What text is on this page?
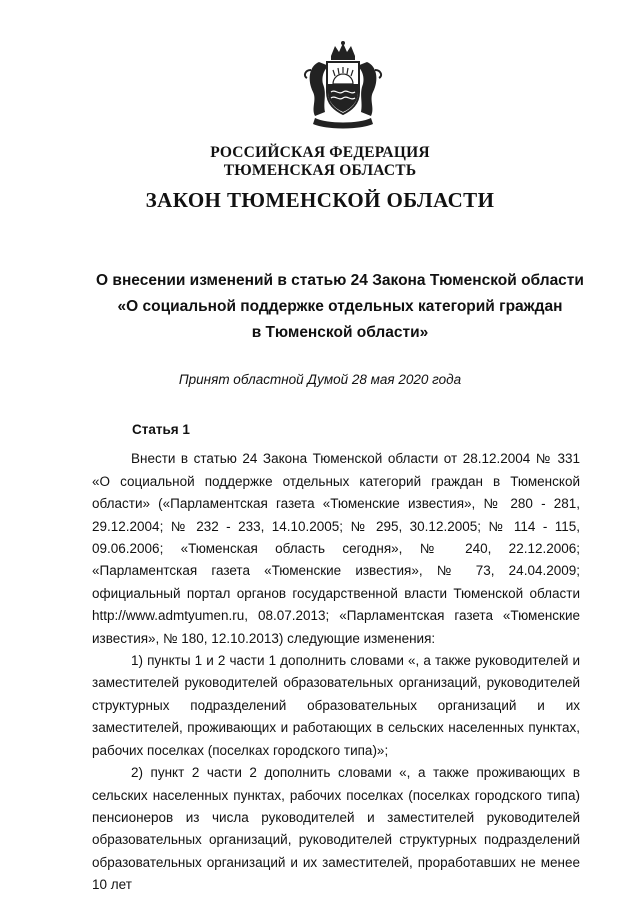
РОССИЙСКАЯ ФЕДЕРАЦИЯ
ТЮМЕНСКАЯ ОБЛАСТЬ
ЗАКОН ТЮМЕНСКОЙ ОБЛАСТИ
О внесении изменений в статью 24 Закона Тюменской области
«О социальной поддержке отдельных категорий граждан
в Тюменской области»
Принят областной Думой 28 мая 2020 года

Статья 1

Внести в статью 24 Закона Тюменской области от 28.12.2004 № 331 «О социальной поддержке отдельных категорий граждан в Тюменской области» («Парламентская газета «Тюменские известия», № 280 - 281, 29.12.2004; № 232 - 233, 14.10.2005; № 295, 30.12.2005; № 114 - 115, 09.06.2006; «Тюменская область сегодня», № 240, 22.12.2006; «Парламентская газета «Тюменские известия», № 73, 24.04.2009; официальный портал органов государственной власти Тюменской области http://www.admtyumen.ru, 08.07.2013; «Парламентская газета «Тюменские известия», № 180, 12.10.2013) следующие изменения:

1) пункты 1 и 2 части 1 дополнить словами «, а также руководителей и заместителей руководителей образовательных организаций, руководителей структурных подразделений образовательных организаций и их заместителей, проживающих и работающих в сельских населенных пунктах, рабочих поселках (поселках городского типа)»;

2) пункт 2 части 2 дополнить словами «, а также проживающих в сельских населенных пунктах, рабочих поселках (поселках городского типа) пенсионеров из числа руководителей и заместителей руководителей образовательных организаций, руководителей структурных подразделений образовательных организаций и их заместителей, проработавших не менее 10 лет
